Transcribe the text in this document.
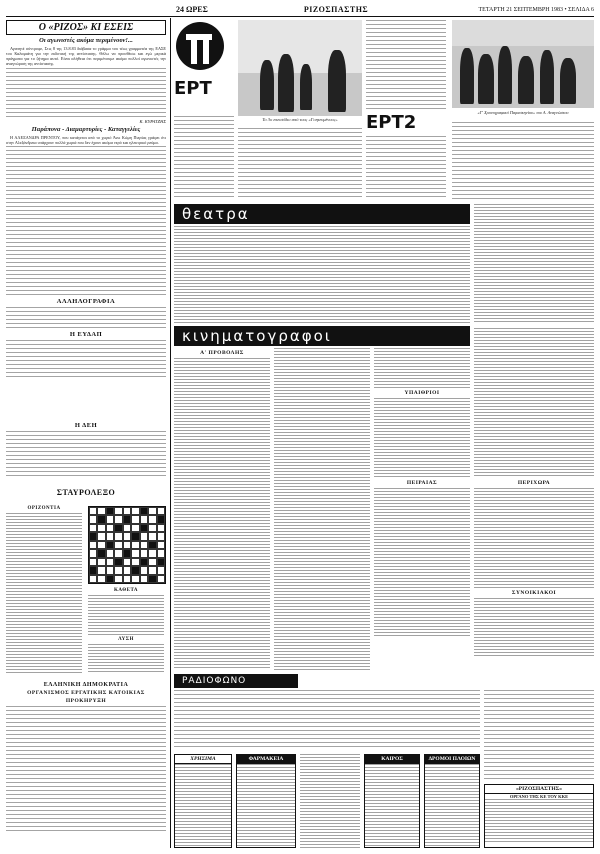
24 ΩΡΕΣ	ΡΙΖΟΣΠΑΣΤΗΣ	ΤΕΤΑΡΤΗ 21 ΣΕΠΤΕΜΒΡΗ 1983 • ΣΕΛΙΔΑ 6
Ο «ΡΙΖΟΣ» ΚΙ ΕΣΕΙΣ
Οι αγωνιστές ακόμα περιμένουν!...

Αγαπητέ σύντροφε, Στις 8 της 13.8.83 διάβασα το γράμμα του τέως γραμματέα της ΕΑΣΕ του Καλαμιάτη για την εκδοτική της αντίστασης. Θέλω να προσθέσω και εγώ μερικά πράγματα για το ζήτημα αυτό. Είναι αλήθεια ότι περιμένουμε ακόμα πολλοί αγωνιστές την αναγνώριση της αντίστασης.

Κ. ΚΥΡΑΤΖΗΣ
Παράπονα - Διαμαρτυρίες - Καταγγελίες

Η ΑΛΕΞΑΝΔΡΑ ΠΡΕΝΤΟΥ, που κατάγεται από το χωριό Άνω Κώμη Πιερίας γράφει ότι στην Αλεξάνδρεια υπάρχουν πολλά χωριά που δεν έχουν ακόμα νερό και ηλεκτρικό ρεύμα.

ΑΛΛΗΛΟΓΡΑΦΙΑ
Η ΕΥΔΑΠ
Η ΔΕΗ
ΣΤΑΥΡΟΛΕΞΟ
ΟΡΙΖΟΝΤΙΑ
ΚΑΘΕΤΑ
ΛΥΣΗ
ΕΛΛΗΝΙΚΗ ΔΗΜΟΚΡΑΤΙΑ
ΟΡΓΑΝΙΣΜΟΣ ΕΡΓΑΤΙΚΗΣ ΚΑΤΟΙΚΙΑΣ
ΠΡΟΚΗΡΥΞΗ
ΕΡΤ
Το 3ο επεισόδιο από τους «Γοητευμένους»	ΕΡΤ2	«Γ' Χρονογραφικό Παρασκηνίου» του Α. Αναγνώστου
θεατρα
κινηματογραφοι
Α' ΠΡΟΒΟΛΗΣ
ΥΠΑΙΘΡΙΟΙ
ΠΕΙΡΑΙΑΣ	ΠΕΡΙΧΩΡΑ
ΣΥΝΟΙΚΙΑΚΟΙ
ΡΑΔΙΟΦΩΝΟ
ΧΡΗΣΙΜΑ	ΦΑΡΜΑΚΕΙΑ	ΚΑΙΡΟΣ	ΔΡΟΜΟΙ ΠΛΟΙΩΝ
«ΡΙΖΟΣΠΑΣΤΗΣ»
ΟΡΓΑΝΟ ΤΗΣ ΚΕ ΤΟΥ ΚΚΕ
